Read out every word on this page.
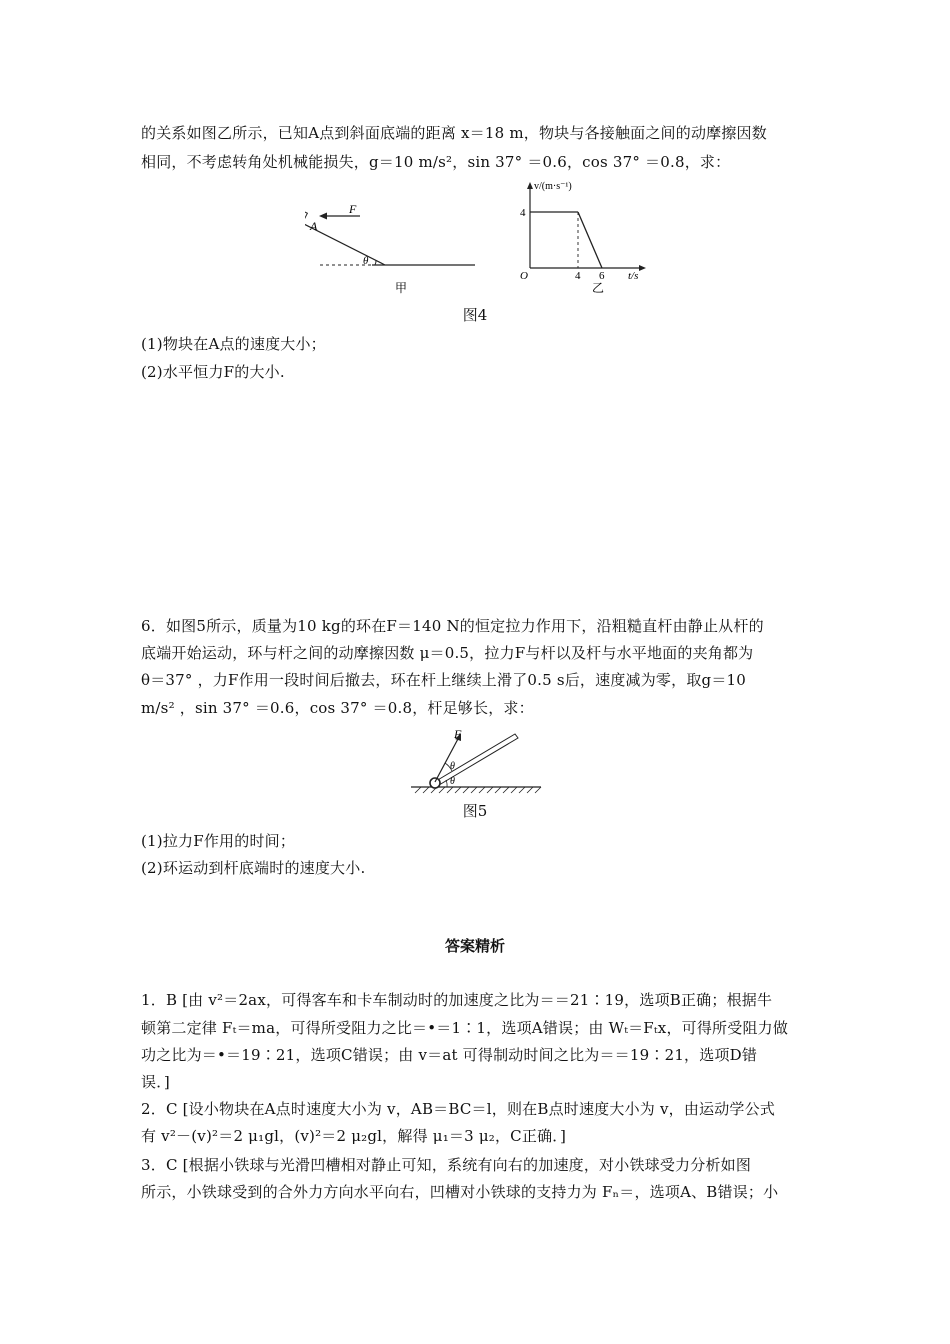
的关系如图乙所示，已知A点到斜面底端的距离 x＝18 m，物块与各接触面之间的动摩擦因数
相同，不考虑转角处机械能损失，g＝10 m/s²，sin 37° ＝0.6，cos 37° ＝0.8，求：
A
F
θ
甲
4 6
4
v/(m·s⁻¹)
t/s
O
乙
图4
(1)物块在A点的速度大小；
(2)水平恒力F的大小.
6．如图5所示，质量为10 kg的环在F＝140 N的恒定拉力作用下，沿粗糙直杆由静止从杆的
底端开始运动，环与杆之间的动摩擦因数 μ＝0.5，拉力F与杆以及杆与水平地面的夹角都为
θ＝37° ，力F作用一段时间后撤去，环在杆上继续上滑了0.5 s后，速度减为零，取g＝10
m/s² ，sin 37° ＝0.6，cos 37° ＝0.8，杆足够长，求：
F
θ
θ
图5
(1)拉力F作用的时间；
(2)环运动到杆底端时的速度大小.
答案精析
1．B [由 v²＝2ax，可得客车和卡车制动时的加速度之比为＝＝21∶19，选项B正确；根据牛
顿第二定律 Fₜ＝ma，可得所受阻力之比＝•＝1∶1，选项A错误；由 Wₜ＝Fₜx，可得所受阻力做
功之比为＝•＝19∶21，选项C错误；由 v＝at 可得制动时间之比为＝＝19∶21，选项D错
误．]
2．C [设小物块在A点时速度大小为 v，AB＝BC＝l，则在B点时速度大小为 v，由运动学公式
有 v²－(v)²＝2 μ₁gl，(v)²＝2 μ₂gl，解得 μ₁＝3 μ₂，C正确．]
3．C [根据小铁球与光滑凹槽相对静止可知，系统有向右的加速度，对小铁球受力分析如图
所示，小铁球受到的合外力方向水平向右，凹槽对小铁球的支持力为 Fₙ＝，选项A、B错误；小
